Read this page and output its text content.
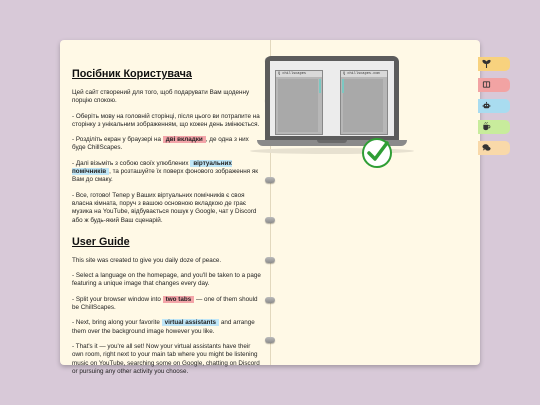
Посібник Користувача

Цей сайт створений для того, щоб подарувати Вам щоденну порцію спокою.

- Оберіть мову на головній сторінці, після цього ви потрапите на сторінку з унікальним зображенням, що кожен день змінюється.

- Розділіть екран у браузері на дві вкладки , де одна з них буде ChillScapes.

- Далі візьміть з собою своїх улюблених віртуальних помічників , та розташуйте їх поверх фонового зображення як Вам до смаку.

- Все, готово! Тепер у Ваших віртуальних помічників є своя власна кімната, поруч з вашою основною вкладкою де грає музика на YouTube, відбувається пошук у Google, чат у Discord або ж будь-який Ваш сценарій.

User Guide

This site was created to give you daily doze of peace.

- Select a language on the homepage, and you'll be taken to a page featuring a unique image that changes every day.

- Split your browser window into two tabs — one of them should be ChillScapes.

- Next, bring along your favorite virtual assistants and arrange them over the background image however you like.

- That's it — you're all set! Now your virtual assistants have their own room, right next to your main tab where you might be listening music on YouTube, searching some on Google, chatting on Discord or pursuing any other activity you choose.

Q chillscapes	Q chillscapes.com
